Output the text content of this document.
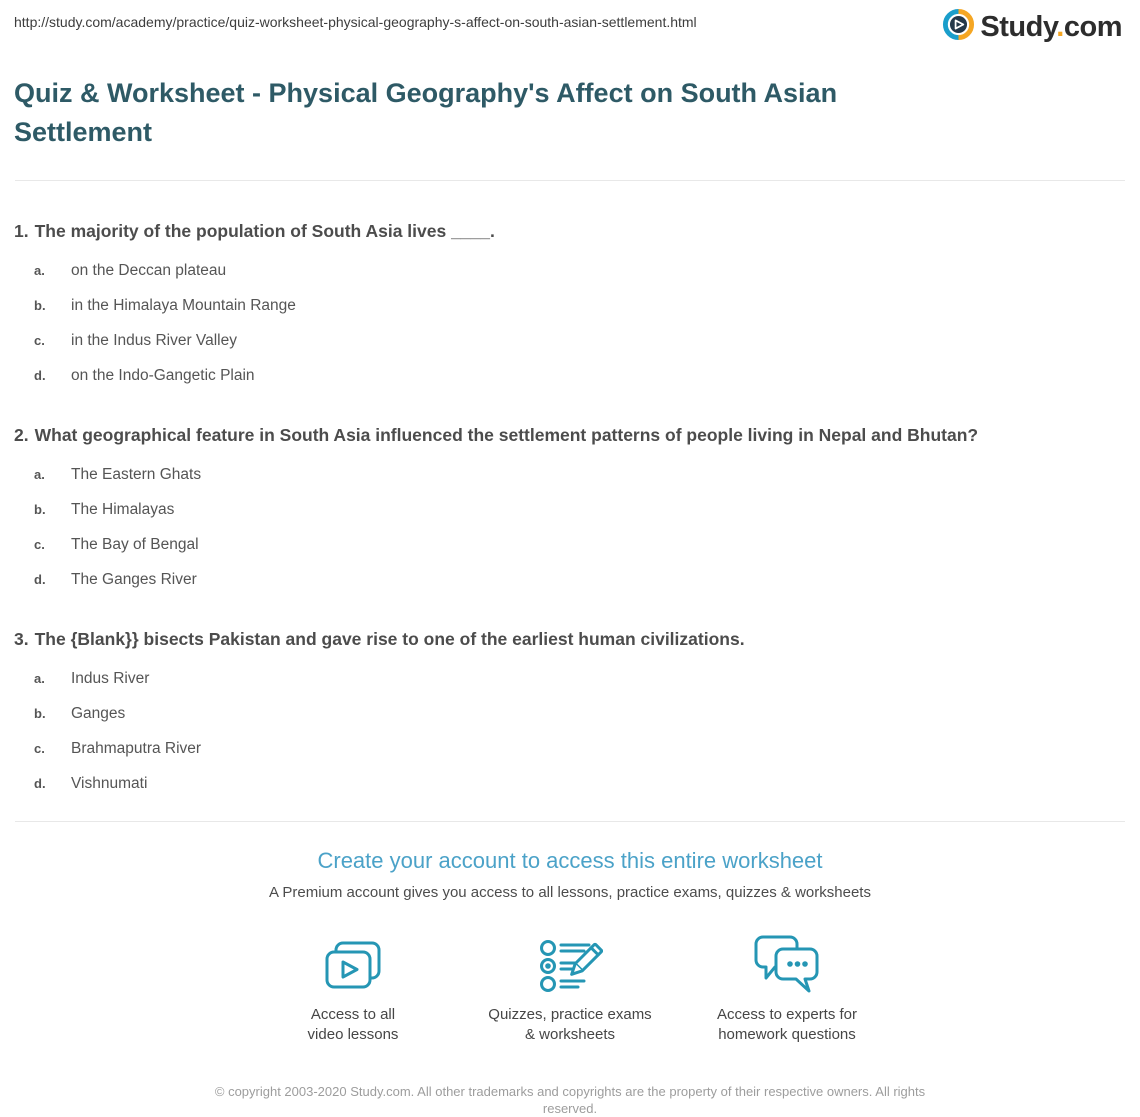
http://study.com/academy/practice/quiz-worksheet-physical-geography-s-affect-on-south-asian-settlement.html	Study.com
Quiz & Worksheet - Physical Geography's Affect on South Asian Settlement
1. The majority of the population of South Asia lives ____.
a.	on the Deccan plateau
b.	in the Himalaya Mountain Range
c.	in the Indus River Valley
d.	on the Indo-Gangetic Plain
2. What geographical feature in South Asia influenced the settlement patterns of people living in Nepal and Bhutan?
a.	The Eastern Ghats
b.	The Himalayas
c.	The Bay of Bengal
d.	The Ganges River
3. The {Blank}} bisects Pakistan and gave rise to one of the earliest human civilizations.
a.	Indus River
b.	Ganges
c.	Brahmaputra River
d.	Vishnumati
Create your account to access this entire worksheet
A Premium account gives you access to all lessons, practice exams, quizzes & worksheets
Access to all
video lessons
Quizzes, practice exams
& worksheets
Access to experts for
homework questions
© copyright 2003-2020 Study.com. All other trademarks and copyrights are the property of their respective owners. All rights reserved.
